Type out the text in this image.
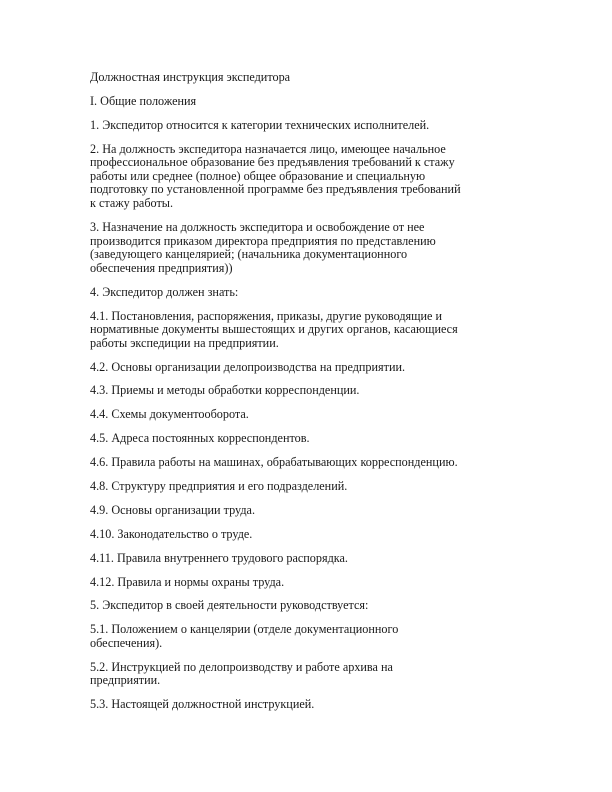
Должностная инструкция экспедитора

I. Общие положения

1. Экспедитор относится к категории технических исполнителей.

2. На должность экспедитора назначается лицо, имеющее начальное
профессиональное образование без предъявления требований к стажу
работы или среднее (полное) общее образование и специальную
подготовку по установленной программе без предъявления требований
к стажу работы.

3. Назначение на должность экспедитора и освобождение от нее
производится приказом директора предприятия по представлению
(заведующего канцелярией; (начальника документационного
обеспечения предприятия))

4. Экспедитор должен знать:

4.1. Постановления, распоряжения, приказы, другие руководящие и
нормативные документы вышестоящих и других органов, касающиеся
работы экспедиции на предприятии.

4.2. Основы организации делопроизводства на предприятии.

4.3. Приемы и методы обработки корреспонденции.

4.4. Схемы документооборота.

4.5. Адреса постоянных корреспондентов.

4.6. Правила работы на машинах, обрабатывающих корреспонденцию.

4.8. Структуру предприятия и его подразделений.

4.9. Основы организации труда.

4.10. Законодательство о труде.

4.11. Правила внутреннего трудового распорядка.

4.12. Правила и нормы охраны труда.

5. Экспедитор в своей деятельности руководствуется:

5.1. Положением о канцелярии (отделе документационного
обеспечения).

5.2. Инструкцией по делопроизводству и работе архива на
предприятии.

5.3. Настоящей должностной инструкцией.
